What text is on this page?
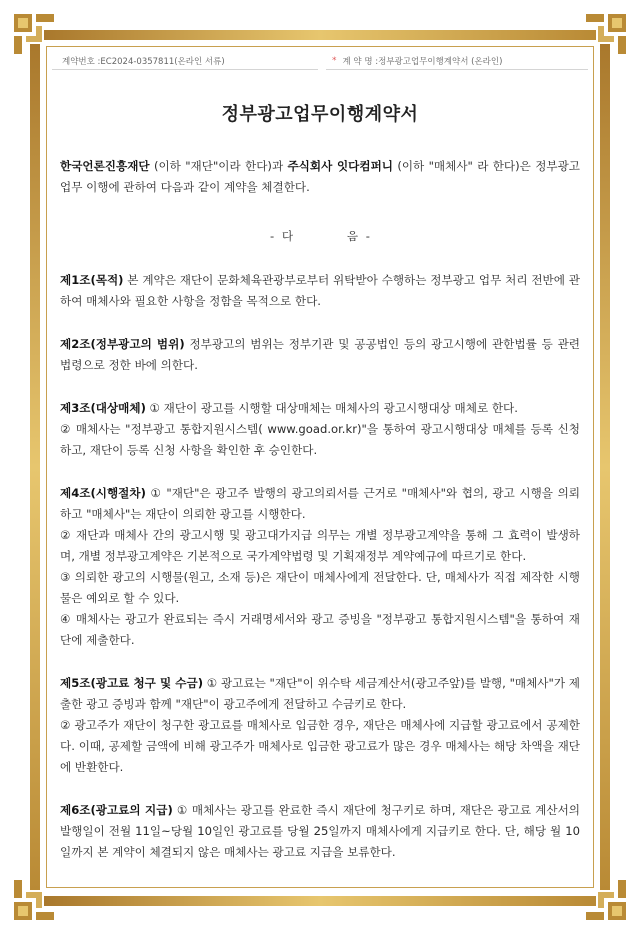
계약번호 : EC2024-0357811(온라인 서류)	* 계 약 명 : 정부광고업무이행계약서 (온라인)
정부광고업무이행계약서

한국언론진흥재단 (이하 "재단"이라 한다)과 주식회사 잇다컴퍼니 (이하 "매체사" 라 한다)은 정부광고업무 이행에 관하여 다음과 같이 계약을 체결한다.

- 다	음 -
제1조(목적) 본 계약은 재단이 문화체육관광부로부터 위탁받아 수행하는 정부광고 업무 처리 전반에 관하여 매체사와 필요한 사항을 정함을 목적으로 한다.
제2조(정부광고의 범위) 정부광고의 범위는 정부기관 및 공공법인 등의 광고시행에 관한법률 등 관련 법령으로 정한 바에 의한다.
제3조(대상매체) ① 재단이 광고를 시행할 대상매체는 매체사의 광고시행대상 매체로 한다.
② 매체사는 "정부광고 통합지원시스템( www.goad.or.kr)"을 통하여 광고시행대상 매체를 등록 신청하고, 재단이 등록 신청 사항을 확인한 후 승인한다.
제4조(시행절차) ① "재단"은 광고주 발행의 광고의뢰서를 근거로 "매체사"와 협의, 광고 시행을 의뢰하고 "매체사"는 재단이 의뢰한 광고를 시행한다.
② 재단과 매체사 간의 광고시행 및 광고대가지급 의무는 개별 정부광고계약을 통해 그 효력이 발생하며, 개별 정부광고계약은 기본적으로 국가계약법령 및 기획재정부 계약예규에 따르기로 한다.
③ 의뢰한 광고의 시행물(원고, 소재 등)은 재단이 매체사에게 전달한다. 단, 매체사가 직접 제작한 시행물은 예외로 할 수 있다.
④ 매체사는 광고가 완료되는 즉시 거래명세서와 광고 증빙을 "정부광고 통합지원시스템"을 통하여 재단에 제출한다.
제5조(광고료 청구 및 수금) ① 광고료는 "재단"이 위수탁 세금계산서(광고주앞)를 발행, "매체사"가 제출한 광고 증빙과 함께 "재단"이 광고주에게 전달하고 수금키로 한다.
② 광고주가 재단이 청구한 광고료를 매체사로 입금한 경우, 재단은 매체사에 지급할 광고료에서 공제한다. 이때, 공제할 금액에 비해 광고주가 매체사로 입금한 광고료가 많은 경우 매체사는 해당 차액을 재단에 반환한다.
제6조(광고료의 지급) ① 매체사는 광고를 완료한 즉시 재단에 청구키로 하며, 재단은 광고료 계산서의 발행일이 전월 11일~당월 10일인 광고료를 당월 25일까지 매체사에게 지급키로 한다. 단, 해당 월 10일까지 본 계약이 체결되지 않은 매체사는 광고료 지급을 보류한다.
